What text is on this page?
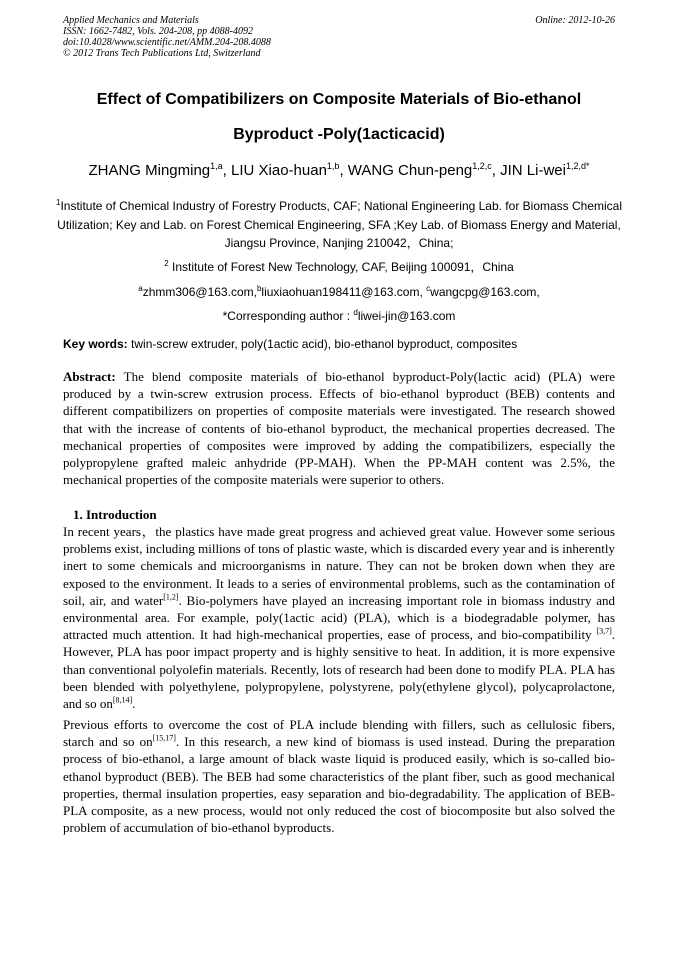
Applied Mechanics and Materials
ISSN: 1662-7482, Vols. 204-208, pp 4088-4092
doi:10.4028/www.scientific.net/AMM.204-208.4088
© 2012 Trans Tech Publications Ltd, Switzerland
Online: 2012-10-26
Effect of Compatibilizers on Composite Materials of Bio-ethanol
Byproduct -Poly(1acticacid)
ZHANG Mingming$^{1,a}$, LIU Xiao-huan$^{1,b}$, WANG Chun-peng$^{1,2,c}$, JIN Li-wei$^{1,2,d*}$
$^1$Institute of Chemical Industry of Forestry Products, CAF; National Engineering Lab. for Biomass Chemical Utilization; Key and Lab. on Forest Chemical Engineering, SFA ;Key Lab. of Biomass Energy and Material, Jiangsu Province, Nanjing 210042，China;
$^2$ Institute of Forest New Technology, CAF, Beijing 100091，China
$^a$zhmm306@163.com,$^b$liuxiaohuan198411@163.com, $^c$wangcpg@163.com,
*Corresponding author : $^d$liwei-jin@163.com
Key words: twin-screw extruder, poly(1actic acid), bio-ethanol byproduct, composites
Abstract: The blend composite materials of bio-ethanol byproduct-Poly(lactic acid) (PLA) were produced by a twin-screw extrusion process. Effects of bio-ethanol byproduct (BEB) contents and different compatibilizers on properties of composite materials were investigated. The research showed that with the increase of contents of bio-ethanol byproduct, the mechanical properties decreased. The mechanical properties of composites were improved by adding the compatibilizers, especially the polypropylene grafted maleic anhydride (PP-MAH). When the PP-MAH content was 2.5%, the mechanical properties of the composite materials were superior to others.
1. Introduction
In recent years，the plastics have made great progress and achieved great value. However some serious problems exist, including millions of tons of plastic waste, which is discarded every year and is inherently inert to some chemicals and microorganisms in nature. They can not be broken down when they are exposed to the environment. It leads to a series of environmental problems, such as the contamination of soil, air, and water[1,2]. Bio-polymers have played an increasing important role in biomass industry and environmental area. For example, poly(1actic acid) (PLA), which is a biodegradable polymer, has attracted much attention. It had high-mechanical properties, ease of process, and bio-compatibility [3,7]. However, PLA has poor impact property and is highly sensitive to heat. In addition, it is more expensive than conventional polyolefin materials. Recently, lots of research had been done to modify PLA. PLA has been blended with polyethylene, polypropylene, polystyrene, poly(ethylene glycol), polycaprolactone, and so on[8,14].
Previous efforts to overcome the cost of PLA include blending with fillers, such as cellulosic fibers, starch and so on[15,17]. In this research, a new kind of biomass is used instead. During the preparation process of bio-ethanol, a large amount of black waste liquid is produced easily, which is so-called bio-ethanol byproduct (BEB). The BEB had some characteristics of the plant fiber, such as good mechanical properties, thermal insulation properties, easy separation and bio-degradability. The application of BEB-PLA composite, as a new process, would not only reduced the cost of biocomposite but also solved the problem of accumulation of bio-ethanol byproducts.
